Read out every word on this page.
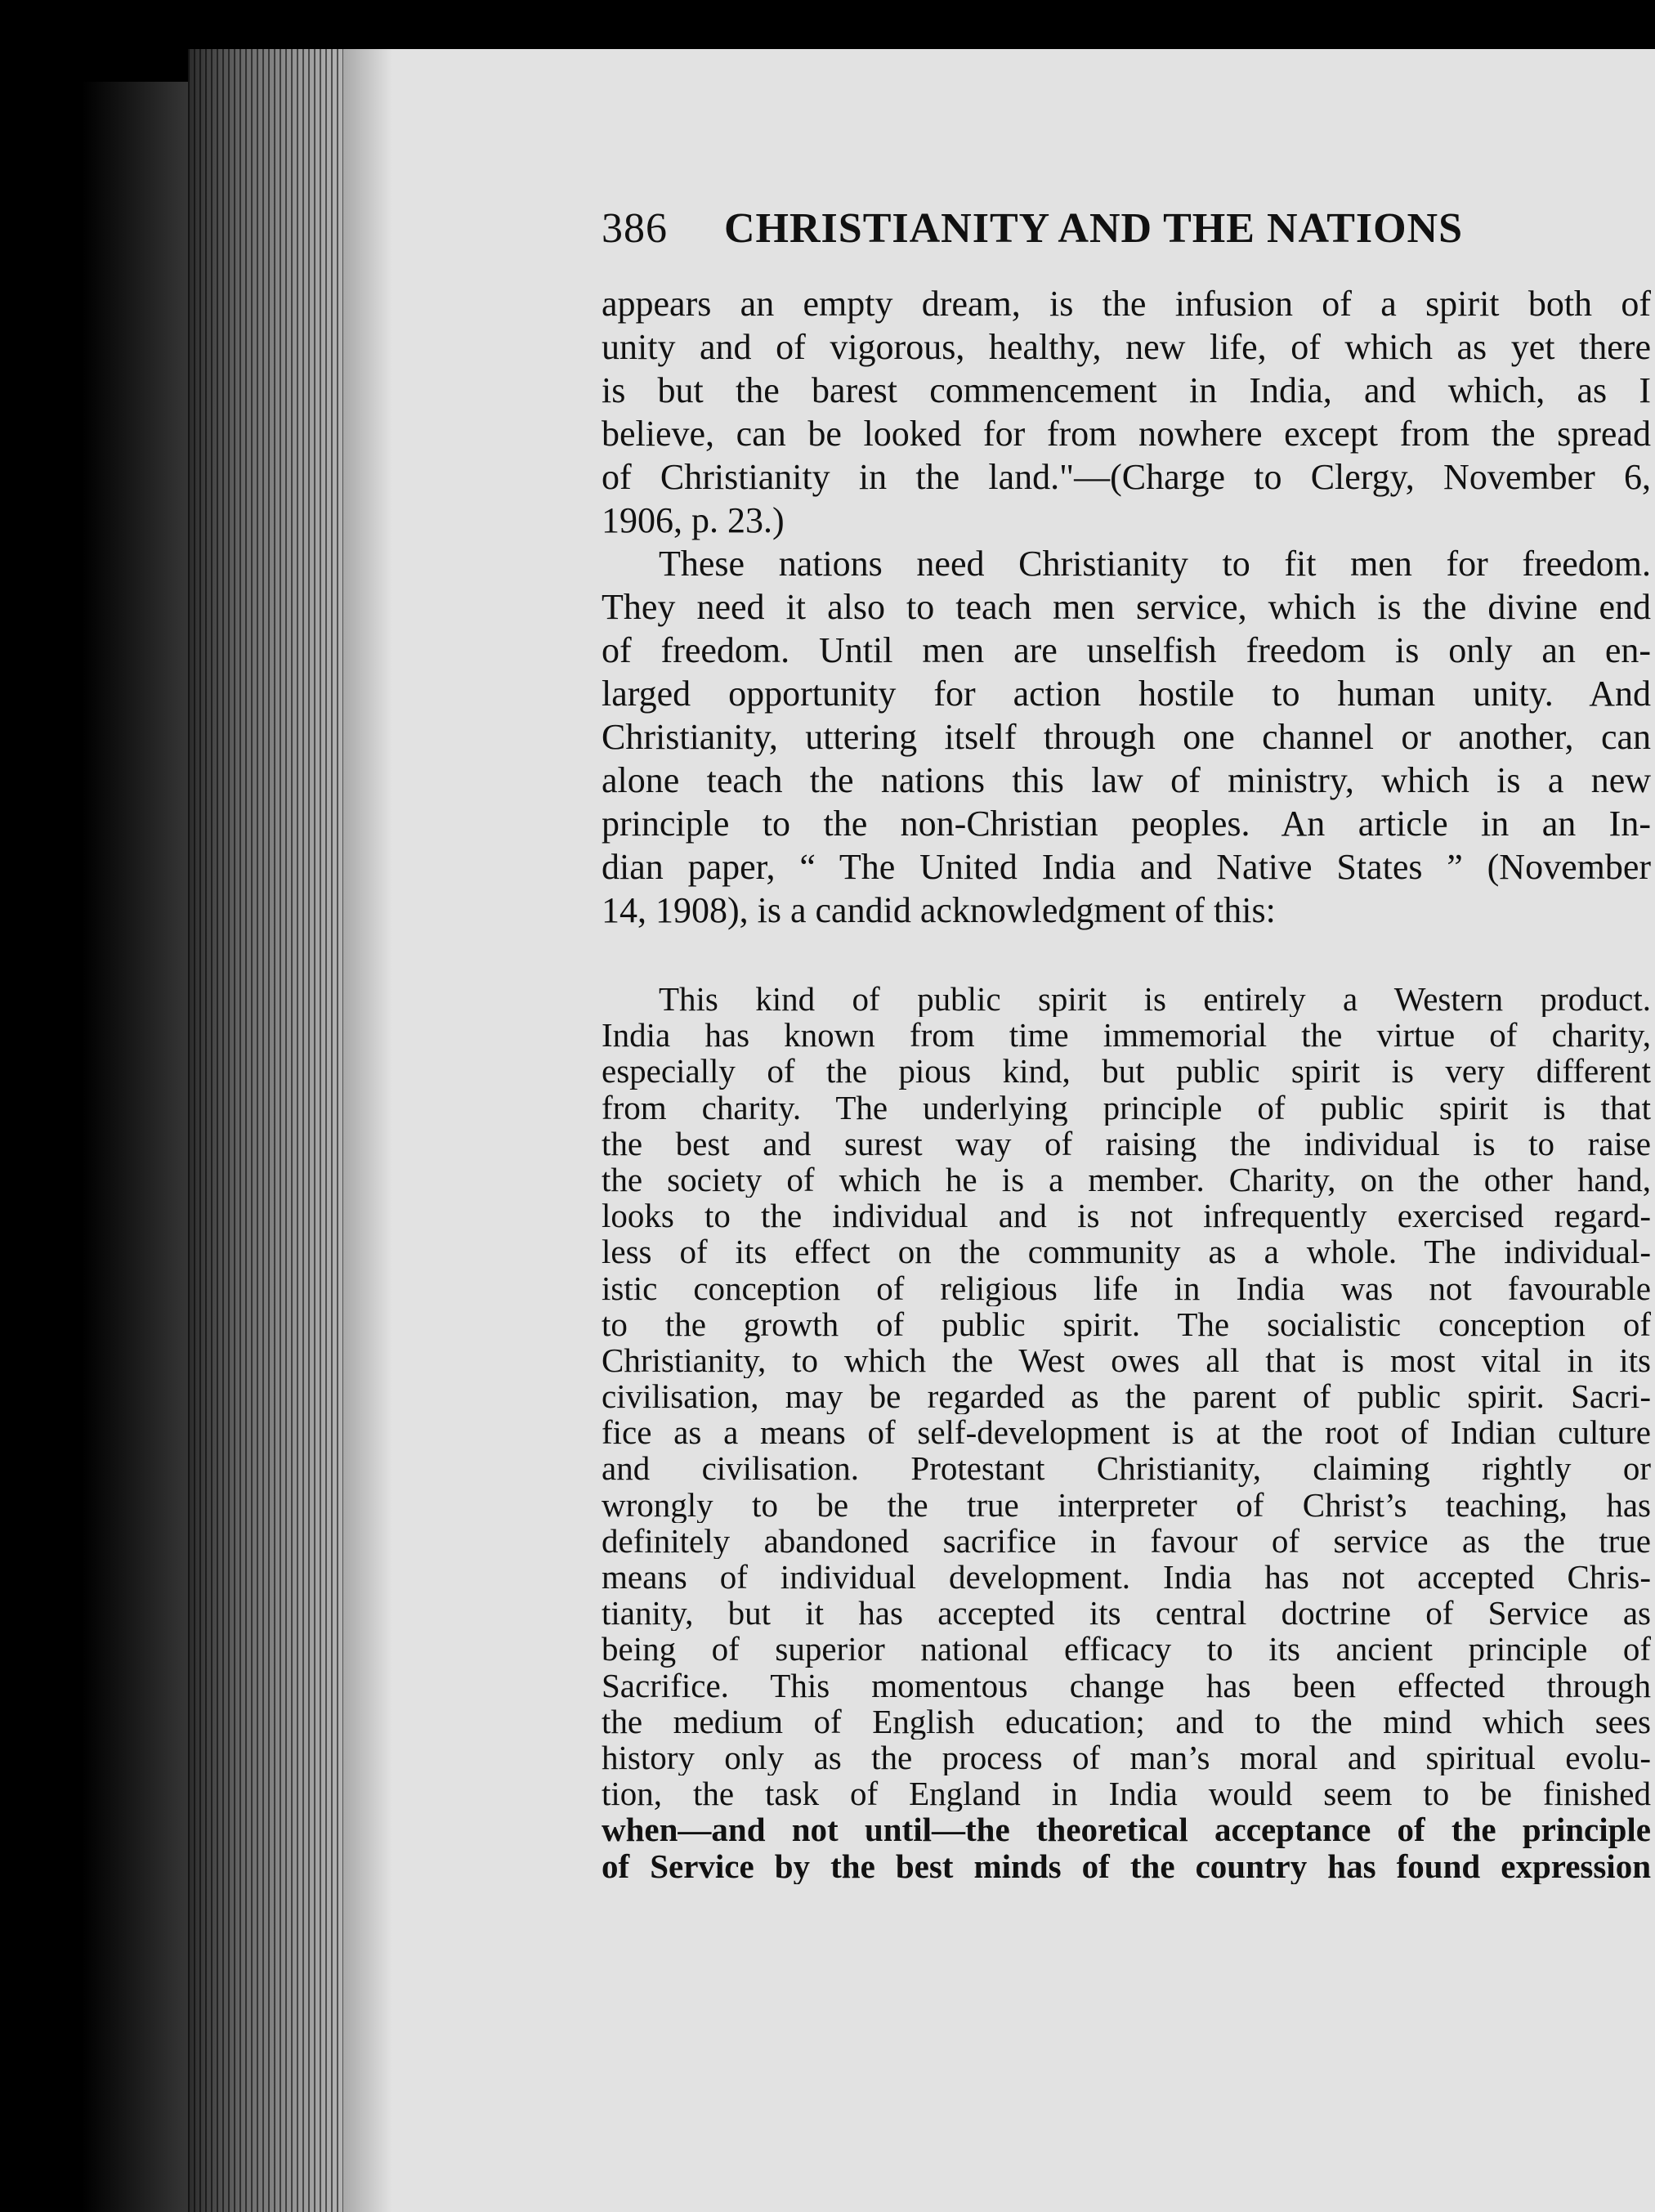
386 CHRISTIANITY AND THE NATIONS
appears an empty dream, is the infusion of a spirit both of
unity and of vigorous, healthy, new life, of which as yet there
is but the barest commencement in India, and which, as I
believe, can be looked for from nowhere except from the spread
of Christianity in the land."—(Charge to Clergy, November 6,
1906, p. 23.)
These nations need Christianity to fit men for freedom.
They need it also to teach men service, which is the divine end
of freedom. Until men are unselfish freedom is only an en-
larged opportunity for action hostile to human unity. And
Christianity, uttering itself through one channel or another, can
alone teach the nations this law of ministry, which is a new
principle to the non-Christian peoples. An article in an In-
dian paper, “ The United India and Native States ” (November
14, 1908), is a candid acknowledgment of this:
This kind of public spirit is entirely a Western product.
India has known from time immemorial the virtue of charity,
especially of the pious kind, but public spirit is very different
from charity. The underlying principle of public spirit is that
the best and surest way of raising the individual is to raise
the society of which he is a member. Charity, on the other hand,
looks to the individual and is not infrequently exercised regard-
less of its effect on the community as a whole. The individual-
istic conception of religious life in India was not favourable
to the growth of public spirit. The socialistic conception of
Christianity, to which the West owes all that is most vital in its
civilisation, may be regarded as the parent of public spirit. Sacri-
fice as a means of self-development is at the root of Indian culture
and civilisation. Protestant Christianity, claiming rightly or
wrongly to be the true interpreter of Christ’s teaching, has
definitely abandoned sacrifice in favour of service as the true
means of individual development. India has not accepted Chris-
tianity, but it has accepted its central doctrine of Service as
being of superior national efficacy to its ancient principle of
Sacrifice. This momentous change has been effected through
the medium of English education; and to the mind which sees
history only as the process of man’s moral and spiritual evolu-
tion, the task of England in India would seem to be finished
when—and not until—the theoretical acceptance of the principle
of Service by the best minds of the country has found expression
